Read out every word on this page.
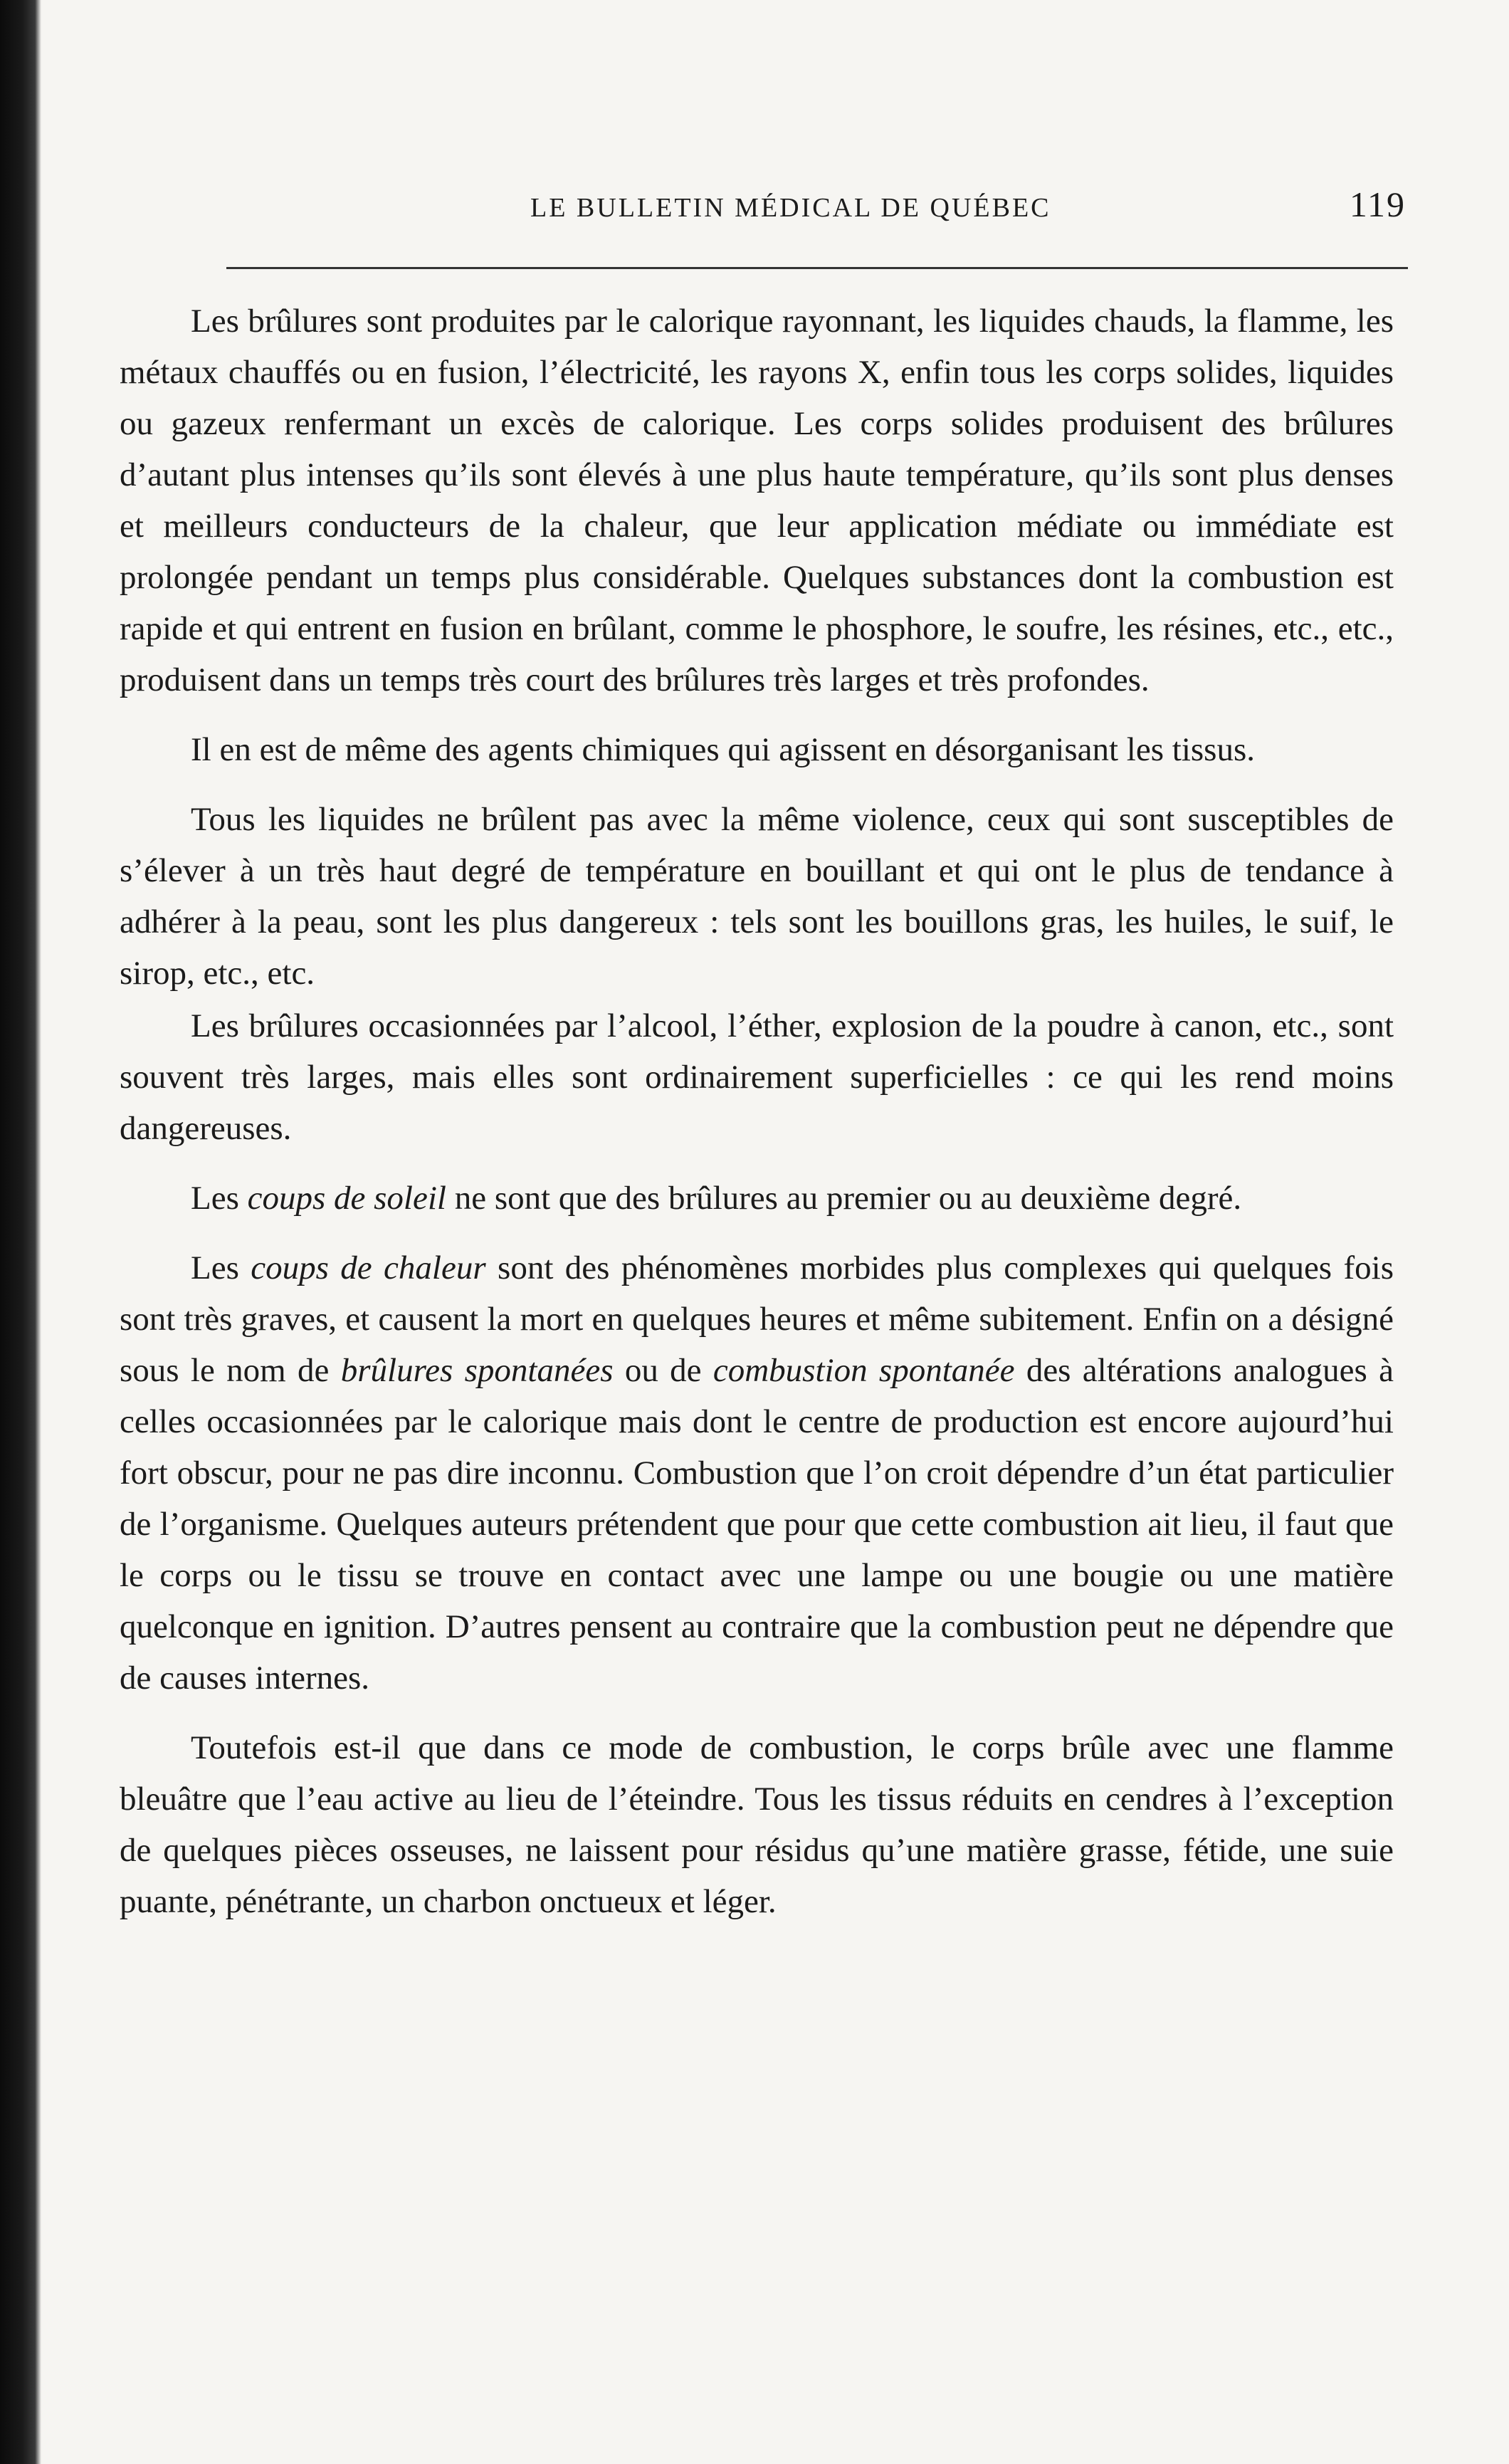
LE BULLETIN MÉDICAL DE QUÉBEC	119

Les brûlures sont produites par le calorique rayonnant, les liquides chauds, la flamme, les métaux chauffés ou en fusion, l’électricité, les rayons X, enfin tous les corps solides, liquides ou gazeux renfermant un excès de calorique. Les corps solides produisent des brûlures d’autant plus intenses qu’ils sont élevés à une plus haute température, qu’ils sont plus denses et meilleurs conducteurs de la chaleur, que leur application médiate ou immédiate est prolongée pendant un temps plus considérable. Quelques substances dont la combustion est rapide et qui entrent en fusion en brûlant, comme le phosphore, le soufre, les résines, etc., etc., produisent dans un temps très court des brûlures très larges et très profondes.

Il en est de même des agents chimiques qui agissent en désorganisant les tissus.

Tous les liquides ne brûlent pas avec la même violence, ceux qui sont susceptibles de s’élever à un très haut degré de température en bouillant et qui ont le plus de tendance à adhérer à la peau, sont les plus dangereux : tels sont les bouillons gras, les huiles, le suif, le sirop, etc., etc.

Les brûlures occasionnées par l’alcool, l’éther, explosion de la poudre à canon, etc., sont souvent très larges, mais elles sont ordinairement superficielles : ce qui les rend moins dangereuses.

Les coups de soleil ne sont que des brûlures au premier ou au deuxième degré.

Les coups de chaleur sont des phénomènes morbides plus complexes qui quelques fois sont très graves, et causent la mort en quelques heures et même subitement. Enfin on a désigné sous le nom de brûlures spontanées ou de combustion spontanée des altérations analogues à celles occasionnées par le calorique mais dont le centre de production est encore aujourd’hui fort obscur, pour ne pas dire inconnu. Combustion que l’on croit dépendre d’un état particulier de l’organisme. Quelques auteurs prétendent que pour que cette combustion ait lieu, il faut que le corps ou le tissu se trouve en contact avec une lampe ou une bougie ou une matière quelconque en ignition. D’autres pensent au contraire que la combustion peut ne dépendre que de causes internes.

Toutefois est-il que dans ce mode de combustion, le corps brûle avec une flamme bleuâtre que l’eau active au lieu de l’éteindre. Tous les tissus réduits en cendres à l’exception de quelques pièces osseuses, ne laissent pour résidus qu’une matière grasse, fétide, une suie puante, pénétrante, un charbon onctueux et léger.
